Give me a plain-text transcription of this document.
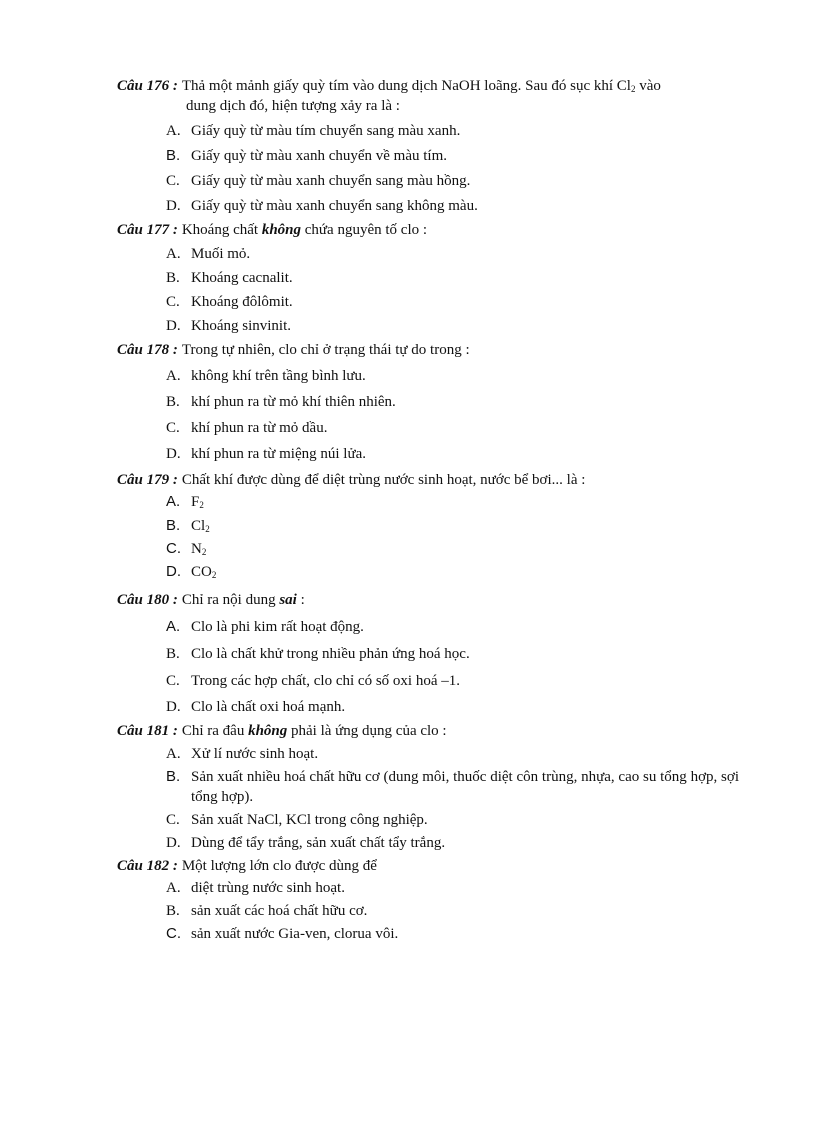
Câu 176 : Thả một mảnh giấy quỳ tím vào dung dịch NaOH loãng. Sau đó sục khí $Cl_2$ vào
dung dịch đó, hiện tượng xảy ra là :
A. Giấy quỳ từ màu tím chuyển sang màu xanh.
B. Giấy quỳ từ màu xanh chuyển về màu tím.
C. Giấy quỳ từ màu xanh chuyển sang màu hồng.
D. Giấy quỳ từ màu xanh chuyển sang không màu.
Câu 177 : Khoáng chất không chứa nguyên tố clo :
A. Muối mỏ.
B. Khoáng cacnalit.
C. Khoáng đôlômit.
D. Khoáng sinvinit.
Câu 178 : Trong tự nhiên, clo chỉ ở trạng thái tự do trong :
A. không khí trên tầng bình lưu.
B. khí phun ra từ mỏ khí thiên nhiên.
C. khí phun ra từ mỏ dầu.
D. khí phun ra từ miệng núi lửa.
Câu 179 : Chất khí được dùng để diệt trùng nước sinh hoạt, nước bể bơi... là :
A. $F_2$
B. $Cl_2$
C. $N_2$
D. $CO_2$
Câu 180 : Chỉ ra nội dung sai :
A. Clo là phi kim rất hoạt động.
B. Clo là chất khử trong nhiều phản ứng hoá học.
C. Trong các hợp chất, clo chỉ có số oxi hoá –1.
D. Clo là chất oxi hoá mạnh.
Câu 181 : Chỉ ra đâu không phải là ứng dụng của clo :
A. Xử lí nước sinh hoạt.
B. Sản xuất nhiều hoá chất hữu cơ (dung môi, thuốc diệt côn trùng, nhựa, cao su tổng hợp, sợi tổng hợp).
C. Sản xuất NaCl, KCl trong công nghiệp.
D. Dùng để tẩy trắng, sản xuất chất tẩy trắng.
Câu 182 : Một lượng lớn clo được dùng để
A. diệt trùng nước sinh hoạt.
B. sản xuất các hoá chất hữu cơ.
C. sản xuất nước Gia-ven, clorua vôi.
